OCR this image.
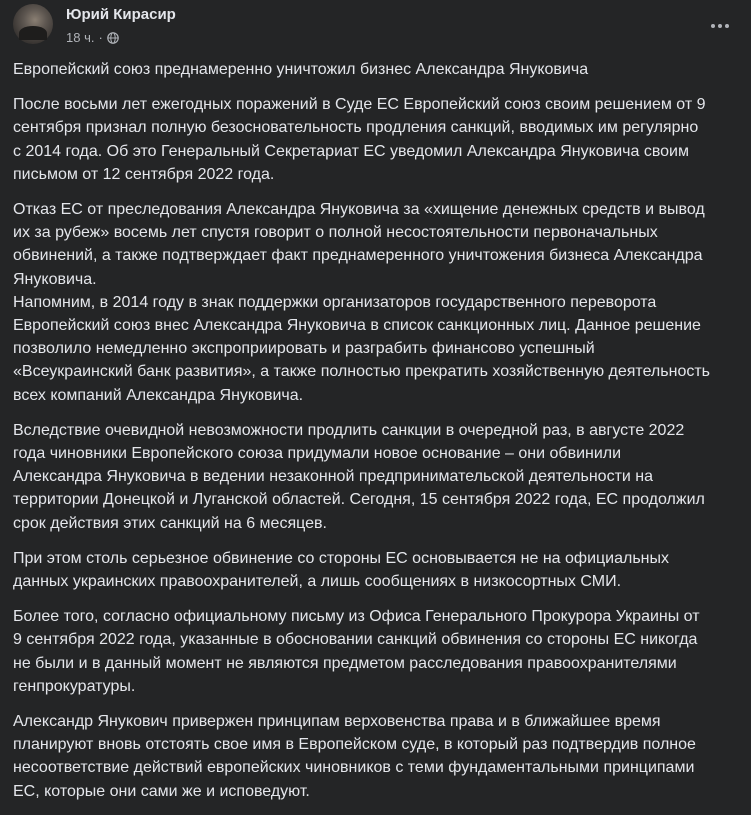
Юрий Кирасир
18 ч. ·

Европейский союз преднамеренно уничтожил бизнес Александра Януковича

После восьми лет ежегодных поражений в Суде ЕС Европейский союз своим решением от 9
сентября признал полную безосновательность продления санкций, вводимых им регулярно
с 2014 года. Об это Генеральный Секретариат ЕС уведомил Александра Януковича своим
письмом от 12 сентября 2022 года.

Отказ ЕС от преследования Александра Януковича за «хищение денежных средств и вывод
их за рубеж» восемь лет спустя говорит о полной несостоятельности первоначальных
обвинений, а также подтверждает факт преднамеренного уничтожения бизнеса Александра
Януковича.
Напомним, в 2014 году в знак поддержки организаторов государственного переворота
Европейский союз внес Александра Януковича в список санкционных лиц. Данное решение
позволило немедленно экспроприировать и разграбить финансово успешный
«Всеукраинский банк развития», а также полностью прекратить хозяйственную деятельность
всех компаний Александра Януковича.

Вследствие очевидной невозможности продлить санкции в очередной раз, в августе 2022
года чиновники Европейского союза придумали новое основание – они обвинили
Александра Януковича в ведении незаконной предпринимательской деятельности на
территории Донецкой и Луганской областей. Сегодня, 15 сентября 2022 года, ЕС продолжил
срок действия этих санкций на 6 месяцев.

При этом столь серьезное обвинение со стороны ЕС основывается не на официальных
данных украинских правоохранителей, а лишь сообщениях в низкосортных СМИ.

Более того, согласно официальному письму из Офиса Генерального Прокурора Украины от
9 сентября 2022 года, указанные в обосновании санкций обвинения со стороны ЕС никогда
не были и в данный момент не являются предметом расследования правоохранителями
генпрокуратуры.

Александр Янукович привержен принципам верховенства права и в ближайшее время
планируют вновь отстоять свое имя в Европейском суде, в который раз подтвердив полное
несоответствие действий европейских чиновников с теми фундаментальными принципами
ЕС, которые они сами же и исповедуют.
